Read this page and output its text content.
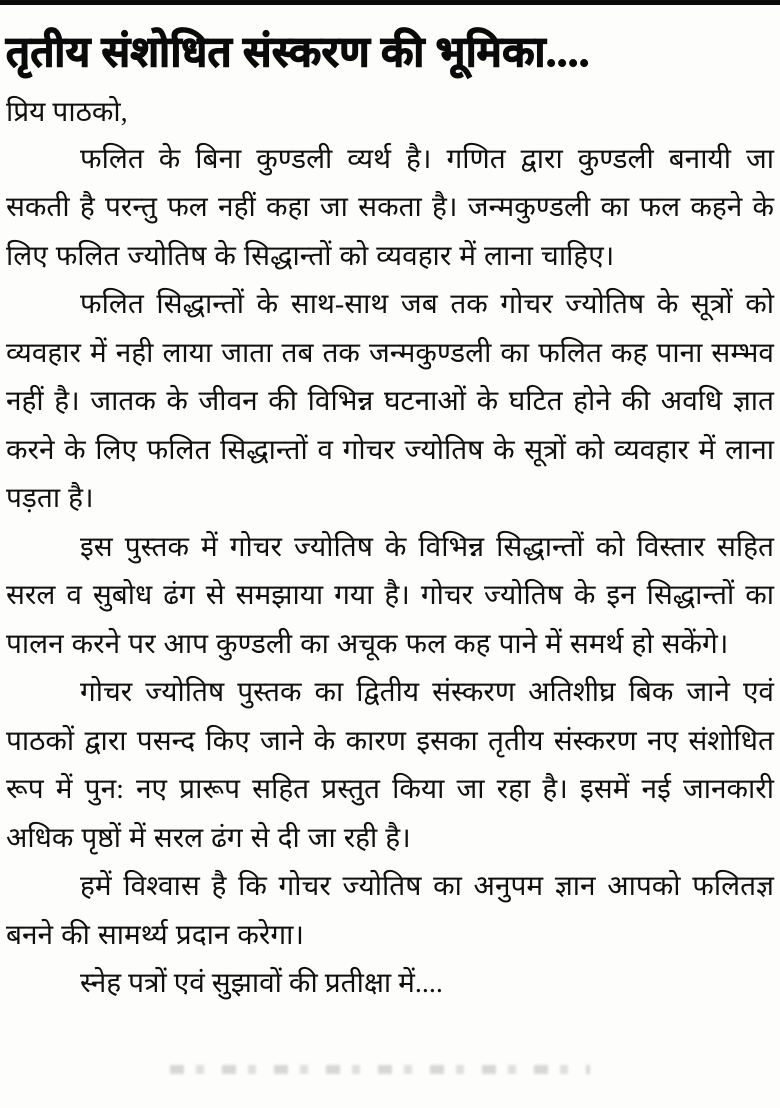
तृतीय संशोधित संस्करण की भूमिका....

प्रिय पाठको,

फलित के बिना कुण्डली व्यर्थ है। गणित द्वारा कुण्डली बनायी जा सकती है परन्तु फल नहीं कहा जा सकता है। जन्मकुण्डली का फल कहने के लिए फलित ज्योतिष के सिद्धान्तों को व्यवहार में लाना चाहिए।

फलित सिद्धान्तों के साथ-साथ जब तक गोचर ज्योतिष के सूत्रों को व्यवहार में नही लाया जाता तब तक जन्मकुण्डली का फलित कह पाना सम्भव नहीं है। जातक के जीवन की विभिन्न घटनाओं के घटित होने की अवधि ज्ञात करने के लिए फलित सिद्धान्तों व गोचर ज्योतिष के सूत्रों को व्यवहार में लाना पड़ता है।

इस पुस्तक में गोचर ज्योतिष के विभिन्न सिद्धान्तों को विस्तार सहित सरल व सुबोध ढंग से समझाया गया है। गोचर ज्योतिष के इन सिद्धान्तों का पालन करने पर आप कुण्डली का अचूक फल कह पाने में समर्थ हो सकेंगे।

गोचर ज्योतिष पुस्तक का द्वितीय संस्करण अतिशीघ्र बिक जाने एवं पाठकों द्वारा पसन्द किए जाने के कारण इसका तृतीय संस्करण नए संशोधित रूप में पुन: नए प्रारूप सहित प्रस्तुत किया जा रहा है। इसमें नई जानकारी अधिक पृष्ठों में सरल ढंग से दी जा रही है।

हमें विश्वास है कि गोचर ज्योतिष का अनुपम ज्ञान आपको फलितज्ञ बनने की सामर्थ्य प्रदान करेगा।

स्नेह पत्रों एवं सुझावों की प्रतीक्षा में....
